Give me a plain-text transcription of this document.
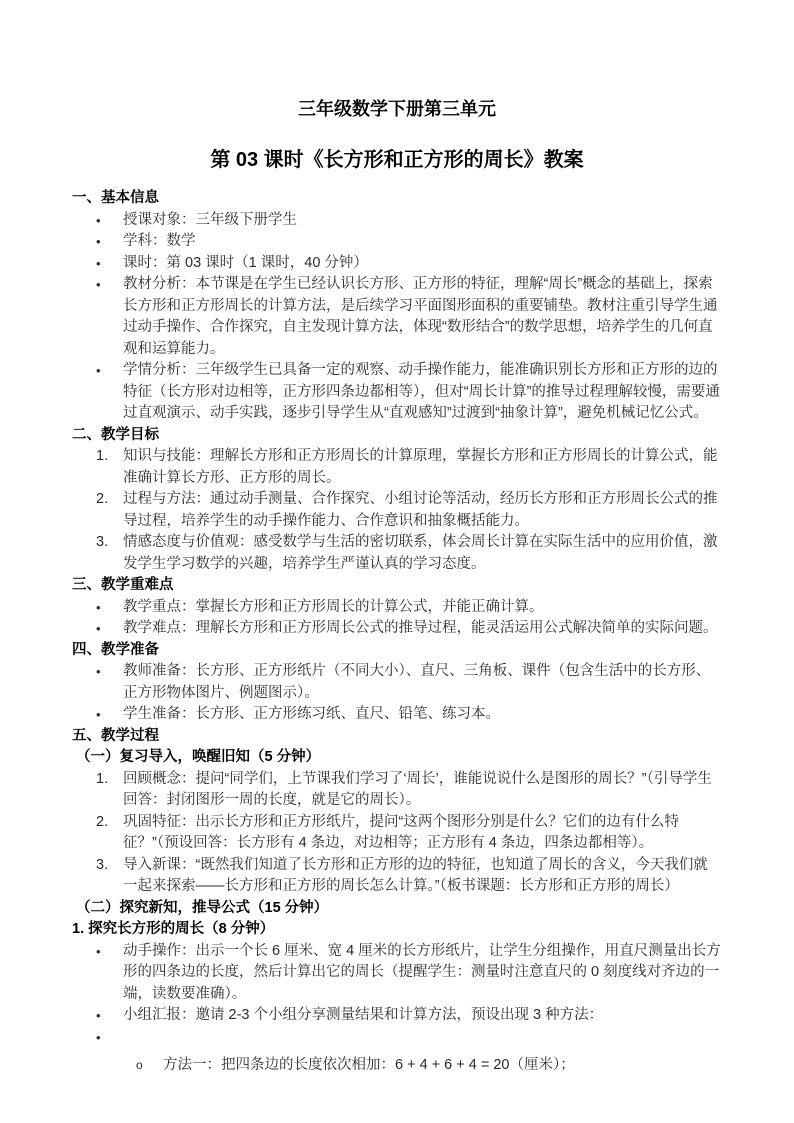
三年级数学下册第三单元
第 03 课时《长方形和正方形的周长》教案
一、基本信息
•	授课对象：三年级下册学生
•	学科：数学
•	课时：第 03 课时（1 课时，40 分钟）
•	教材分析：本节课是在学生已经认识长方形、正方形的特征，理解“周长”概念的基础上，探索长方形和正方形周长的计算方法，是后续学习平面图形面积的重要铺垫。教材注重引导学生通过动手操作、合作探究，自主发现计算方法，体现“数形结合”的数学思想，培养学生的几何直观和运算能力。
•	学情分析：三年级学生已具备一定的观察、动手操作能力，能准确识别长方形和正方形的边的特征（长方形对边相等，正方形四条边都相等），但对“周长计算”的推导过程理解较慢，需要通过直观演示、动手实践，逐步引导学生从“直观感知”过渡到“抽象计算”，避免机械记忆公式。
二、教学目标
1.	知识与技能：理解长方形和正方形周长的计算原理，掌握长方形和正方形周长的计算公式，能准确计算长方形、正方形的周长。
2.	过程与方法：通过动手测量、合作探究、小组讨论等活动，经历长方形和正方形周长公式的推导过程，培养学生的动手操作能力、合作意识和抽象概括能力。
3.	情感态度与价值观：感受数学与生活的密切联系，体会周长计算在实际生活中的应用价值，激发学生学习数学的兴趣，培养学生严谨认真的学习态度。
三、教学重难点
•	教学重点：掌握长方形和正方形周长的计算公式，并能正确计算。
•	教学难点：理解长方形和正方形周长公式的推导过程，能灵活运用公式解决简单的实际问题。
四、教学准备
•	教师准备：长方形、正方形纸片（不同大小）、直尺、三角板、课件（包含生活中的长方形、正方形物体图片、例题图示）。
•	学生准备：长方形、正方形练习纸、直尺、铅笔、练习本。
五、教学过程
（一）复习导入，唤醒旧知（5 分钟）
1.	回顾概念：提问“同学们，上节课我们学习了‘周长’，谁能说说什么是图形的周长？”（引导学生回答：封闭图形一周的长度，就是它的周长）。
2.	巩固特征：出示长方形和正方形纸片，提问“这两个图形分别是什么？它们的边有什么特征？”（预设回答：长方形有 4 条边，对边相等；正方形有 4 条边，四条边都相等）。
3.	导入新课：“既然我们知道了长方形和正方形的边的特征，也知道了周长的含义，今天我们就一起来探索——长方形和正方形的周长怎么计算。”（板书课题：长方形和正方形的周长）
（二）探究新知，推导公式（15 分钟）
1. 探究长方形的周长（8 分钟）
•	动手操作：出示一个长 6 厘米、宽 4 厘米的长方形纸片，让学生分组操作，用直尺测量出长方形的四条边的长度，然后计算出它的周长（提醒学生：测量时注意直尺的 0 刻度线对齐边的一端，读数要准确）。
•	小组汇报：邀请 2-3 个小组分享测量结果和计算方法，预设出现 3 种方法：
•
o	方法一：把四条边的长度依次相加：6 + 4 + 6 + 4 = 20（厘米）；
